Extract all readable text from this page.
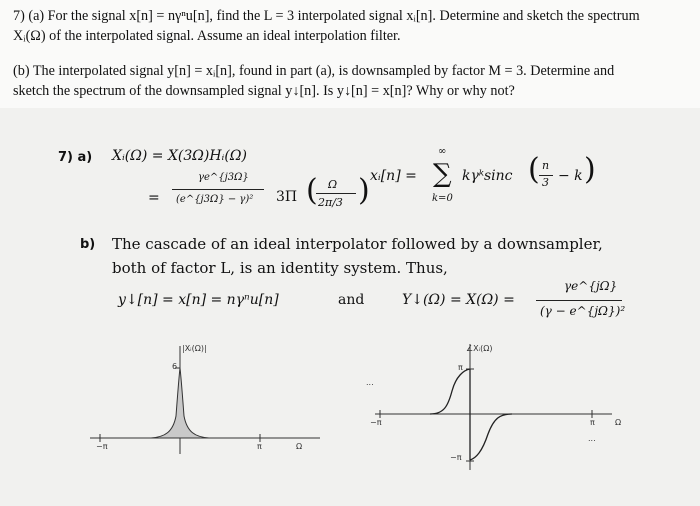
7) (a) For the signal x[n] = nγⁿu[n], find the L = 3 interpolated signal xᵢ[n]. Determine and sketch the spectrum
Xᵢ(Ω) of the interpolated signal. Assume an ideal interpolation filter.
(b) The interpolated signal y[n] = xᵢ[n], found in part (a), is downsampled by factor M = 3. Determine and
sketch the spectrum of the downsampled signal y↓[n]. Is y↓[n] = x[n]? Why or why not?
7) a) Xᵢ(Ω) = X(3Ω)Hᵢ(Ω)
=
γe^{j3Ω}
(e^{j3Ω} − γ)² 3Π ( Ω
2π/3 ) xᵢ[n] =
∞
∑
k=0
kγᵏsinc ( n
3 − k )
b) The cascade of an ideal interpolator followed by a downsampler,
both of factor L, is an identity system. Thus,
y↓[n] = x[n] = nγⁿu[n]	and	Y↓(Ω) = X(Ω) =
γe^{jΩ}
(γ − e^{jΩ})²
|Xᵢ(Ω)|
6
−π	π	Ω
∠Xᵢ(Ω)
π
−π
−π	π	Ω
...
...
